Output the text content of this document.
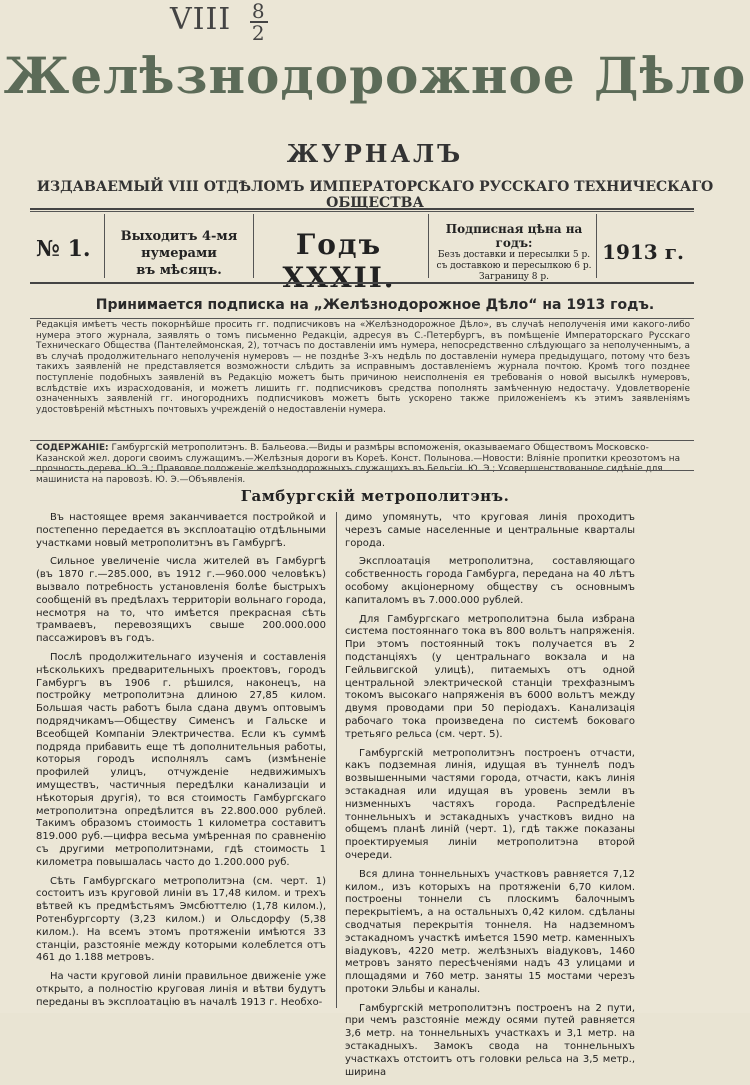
VIII $\frac{8}{2}$
Желѣзнодорожное Дѣло
ЖУРНАЛЪ
ИЗДАВАЕМЫЙ VIII ОТДѢЛОМЪ ИМПЕРАТОРСКАГО РУССКАГО ТЕХНИЧЕСКАГО ОБЩЕСТВА
№ 1.	Выходитъ 4-мя нумерами
въ мѣсяцъ.
Годъ XXXII.
Подписная цѣна на годъ:
Безъ доставки и пересылки 5 р.
съ доставкою и пересылкою 6 р.
Заграницу 8 р.
1913 г.
Принимается подписка на „Желѣзнодорожное Дѣло“ на 1913 годъ.
Редакція имѣетъ честь покорнѣйше просить гг. подписчиковъ на «Желѣзнодорожное Дѣло», въ случаѣ неполученія ими какого-либо нумера этого журнала, заявлять о томъ письменно Редакціи, адресуя въ С.-Петербургъ, въ помѣщеніе Императорскаго Русскаго Техническаго Общества (Пантелеймонская, 2), тотчасъ по доставленіи имъ нумера, непосредственно слѣдующаго за неполученнымъ, а въ случаѣ продолжительнаго неполученія нумеровъ — не позднѣе 3-хъ недѣль по доставленіи нумера предыдущаго, потому что безъ такихъ заявленій не представляется возможности слѣдить за исправнымъ доставленіемъ журнала почтою. Кромѣ того позднее поступленіе подобныхъ заявленій въ Редакцію можетъ быть причиною неисполненія ея требованія о новой высылкѣ нумеровъ, вслѣдствіе ихъ израсходованія, и можетъ лишить гг. подписчиковъ средства пополнять замѣченную недостачу. Удовлетвореніе означенныхъ заявленій гг. иногороднихъ подписчиковъ можетъ быть ускорено также приложеніемъ къ этимъ заявленіямъ удостовѣреній мѣстныхъ почтовыхъ учрежденій о недоставленіи нумера.
СОДЕРЖАНІЕ: Гамбургскій метрополитэнъ. В. Бальеова.—Виды и размѣры вспоможенія, оказываемаго Обществомъ Московско-Казанской жел. дороги своимъ служащимъ.—Желѣзныя дороги въ Кореѣ. Конст. Полынова.—Новости: Вліяніе пропитки креозотомъ на прочность дерева. Ю. Э.; Правовое положеніе желѣзнодорожныхъ служащихъ въ Бельгіи. Ю. Э.; Усовершенствованное сидѣніе для машиниста на паровозѣ. Ю. Э.—Объявленія.
Гамбургскій метрополитэнъ.

Въ настоящее время заканчивается постройкой и постепенно передается въ эксплоатацію отдѣльными участками новый метрополитэнъ въ Гамбургѣ.

Сильное увеличеніе числа жителей въ Гамбургѣ (въ 1870 г.—285.000, въ 1912 г.—960.000 человѣкъ) вызвало потребность установленія болѣе быстрыхъ сообщеній въ предѣлахъ территоріи вольнаго города, несмотря на то, что имѣется прекрасная сѣть трамваевъ, перевозящихъ свыше 200.000.000 пассажировъ въ годъ.

Послѣ продолжительнаго изученія и составленія нѣсколькихъ предварительныхъ проектовъ, городъ Гамбургъ въ 1906 г. рѣшился, наконецъ, на постройку метрополитэна длиною 27,85 килом. Большая часть работъ была сдана двумъ оптовымъ подрядчикамъ—Обществу Сименсъ и Гальске и Всеобщей Компаніи Электричества. Если къ суммѣ подряда прибавить еще тѣ дополнительныя работы, которыя городъ исполнялъ самъ (измѣненіе профилей улицъ, отчужденіе недвижимыхъ имуществъ, частичныя передѣлки канализаціи и нѣкоторыя другія), то вся стоимость Гамбургскаго метрополитэна опредѣлится въ 22.800.000 рублей. Такимъ образомъ стоимость 1 километра составитъ 819.000 руб.—цифра весьма умѣренная по сравненію съ другими метрополитэнами, гдѣ стоимость 1 километра повышалась часто до 1.200.000 руб.

Сѣть Гамбургскаго метрополитэна (см. черт. 1) состоитъ изъ круговой линіи въ 17,48 килом. и трехъ вѣтвей къ предмѣстьямъ Эмсбюттелю (1,78 килом.), Ротенбургсорту (3,23 килом.) и Ольсдорфу (5,38 килом.). На всемъ этомъ протяженіи имѣются 33 станціи, разстояніе между которыми колеблется отъ 461 до 1.188 метровъ.

На части круговой линіи правильное движеніе уже открыто, а полностію круговая линія и вѣтви будутъ переданы въ эксплоатацію въ началѣ 1913 г. Необхо-

димо упомянуть, что круговая линія проходитъ черезъ самые населенные и центральные кварталы города.

Эксплоатація метрополитэна, составляющаго собственность города Гамбурга, передана на 40 лѣтъ особому акціонерному обществу съ основнымъ капиталомъ въ 7.000.000 рублей.

Для Гамбургскаго метрополитэна была избрана система постояннаго тока въ 800 вольтъ напряженія. При этомъ постоянный токъ получается въ 2 подстанціяхъ (у центральнаго вокзала и на Гейльвигской улицѣ), питаемыхъ отъ одной центральной электрической станціи трехфазнымъ токомъ высокаго напряженія въ 6000 вольтъ между двумя проводами при 50 періодахъ. Канализація рабочаго тока произведена по системѣ боковаго третьяго рельса (см. черт. 5).

Гамбургскій метрополитэнъ построенъ отчасти, какъ подземная линія, идущая въ туннелѣ подъ возвышенными частями города, отчасти, какъ линія эстакадная или идущая въ уровень земли въ низменныхъ частяхъ города. Распредѣленіе тоннельныхъ и эстакадныхъ участковъ видно на общемъ планѣ линій (черт. 1), гдѣ также показаны проектируемыя линіи метрополитэна второй очереди.

Вся длина тоннельныхъ участковъ равняется 7,12 килом., изъ которыхъ на протяженіи 6,70 килом. построены тоннели съ плоскимъ балочнымъ перекрытіемъ, а на остальныхъ 0,42 килом. сдѣланы сводчатыя перекрытія тоннеля. На надземномъ эстакадномъ участкѣ имѣется 1590 метр. каменныхъ віадуковъ, 4220 метр. желѣзныхъ віадуковъ, 1460 метровъ занято пересѣченіями надъ 43 улицами и площадями и 760 метр. заняты 15 мостами черезъ протоки Эльбы и каналы.

Гамбургскій метрополитэнъ построенъ на 2 пути, при чемъ разстояніе между осями путей равняется 3,6 метр. на тоннельныхъ участкахъ и 3,1 метр. на эстакадныхъ. Замокъ свода на тоннельныхъ участкахъ отстоитъ отъ головки рельса на 3,5 метр., ширина
